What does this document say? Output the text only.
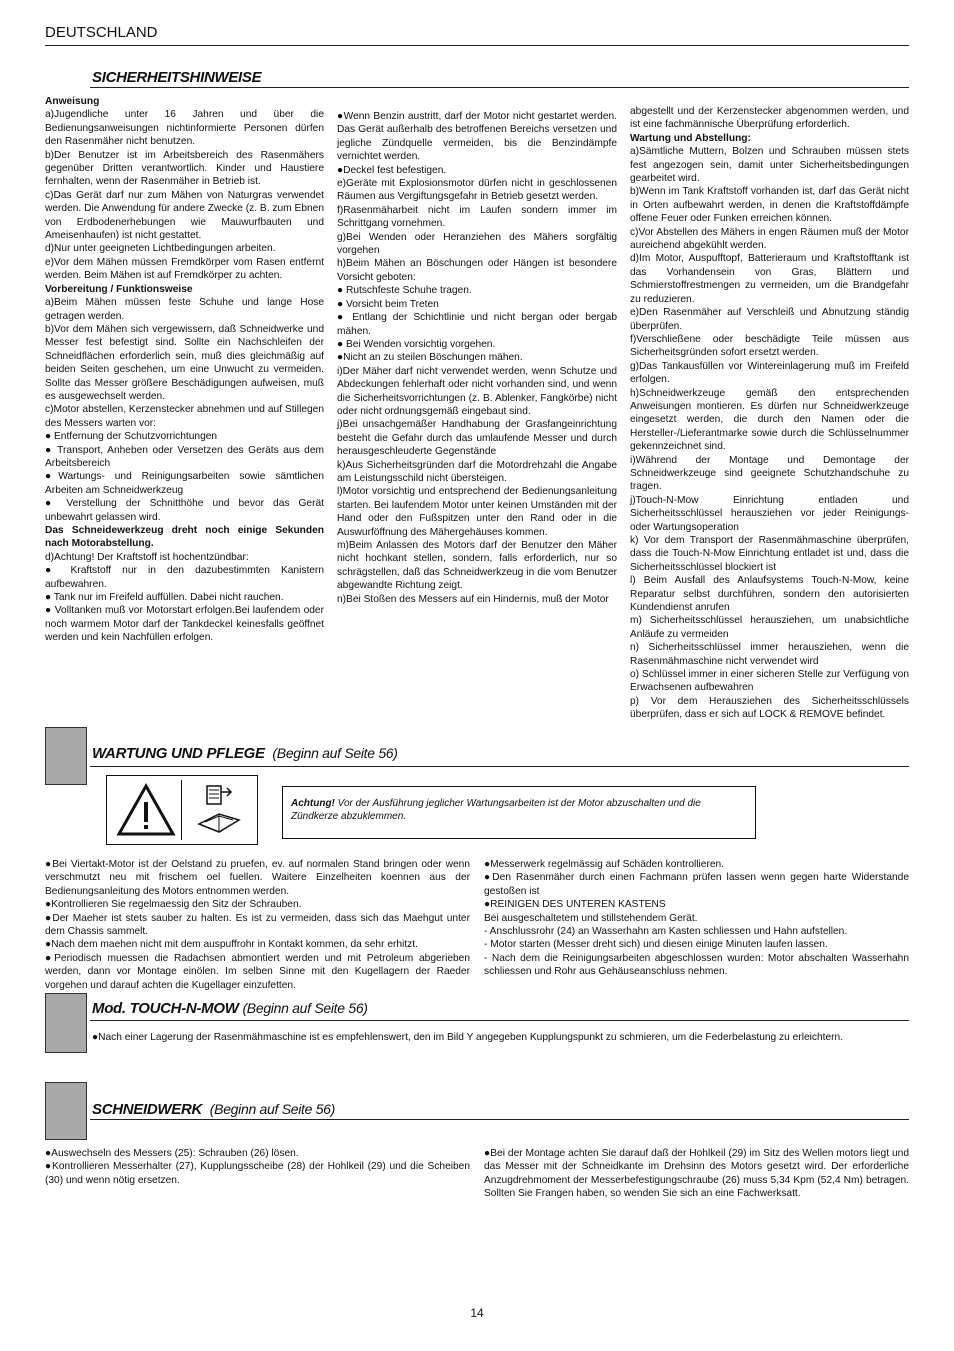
DEUTSCHLAND
SICHERHEITSHINWEISE

Anweisung

a)Jugendliche unter 16 Jahren und über die Bedienungsanweisungen nichtinformierte Personen dürfen den Rasenmäher nicht benutzen.

b)Der Benutzer ist im Arbeitsbereich des Rasenmähers gegenüber Dritten verantwortlich. Kinder und Haustiere fernhalten, wenn der Rasenmäher in Betrieb ist.

c)Das Gerät darf nur zum Mähen von Naturgras verwendet werden. Die Anwendung für andere Zwecke (z. B. zum Ebnen von Erdbodenerhebungen wie Mauwurfbauten und Ameisenhaufen) ist nicht gestattet.

d)Nur unter geeigneten Lichtbedingungen arbeiten.

e)Vor dem Mähen müssen Fremdkörper vom Rasen entfernt werden. Beim Mähen ist auf Fremdkörper zu achten.

Vorbereitung / Funktionsweise

a)Beim Mähen müssen feste Schuhe und lange Hose getragen werden.

b)Vor dem Mähen sich vergewissern, daß Schneidwerke und Messer fest befestigt sind. Sollte ein Nachschleifen der Schneidflächen erforderlich sein, muß dies gleichmäßig auf beiden Seiten geschehen, um eine Unwucht zu vermeiden. Sollte das Messer größere Beschädigungen aufweisen, muß es ausgewechselt werden.

c)Motor abstellen, Kerzenstecker abnehmen und auf Stillegen des Messers warten vor:

● Entfernung der Schutzvorrichtungen

● Transport, Anheben oder Versetzen des Geräts aus dem Arbeitsbereich

●Wartungs- und Reinigungsarbeiten sowie sämtlichen Arbeiten am Schneidwerkzeug

● Verstellung der Schnitthöhe und bevor das Gerät unbewahrt gelassen wird.

Das Schneidewerkzeug dreht noch einige Sekunden nach Motorabstellung.

d)Achtung! Der Kraftstoff ist hochentzündbar:

● Kraftstoff nur in den dazubestimmten Kanistern aufbewahren.

● Tank nur im Freifeld auffüllen. Dabei nicht rauchen.

● Volltanken muß vor Motorstart erfolgen.Bei laufendem oder noch warmem Motor darf der Tankdeckel keinesfalls geöffnet werden und kein Nachfüllen erfolgen.

●Wenn Benzin austritt, darf der Motor nicht gestartet werden. Das Gerät außerhalb des betroffenen Bereichs versetzen und jegliche Zündquelle vermeiden, bis die Benzindämpfe vernichtet werden.

●Deckel fest befestigen.

e)Geräte mit Explosionsmotor dürfen nicht in geschlossenen Räumen aus Vergiftungsgefahr in Betrieb gesetzt werden.

f)Rasenmäharbeit nicht im Laufen sondern immer im Schrittgang vornehmen.

g)Bei Wenden oder Heranziehen des Mähers sorgfältig vorgehen

h)Beim Mähen an Böschungen oder Hängen ist besondere Vorsicht geboten:

● Rutschfeste Schuhe tragen.

● Vorsicht beim Treten

● Entlang der Schichtlinie und nicht bergan oder bergab mähen.

● Bei Wenden vorsichtig vorgehen.

●Nicht an zu steilen Böschungen mähen.

i)Der Mäher darf nicht verwendet werden, wenn Schutze und Abdeckungen fehlerhaft oder nicht vorhanden sind, und wenn die Sicherheitsvorrichtungen (z. B. Ablenker, Fangkörbe) nicht oder nicht ordnungsgemäß eingebaut sind.

j)Bei unsachgemäßer Handhabung der Grasfangeinrichtung besteht die Gefahr durch das umlaufende Messer und durch herausgeschleuderte Gegenstände

k)Aus Sicherheitsgründen darf die Motordrehzahl die Angabe am Leistungsschild nicht übersteigen.

l)Motor vorsichtig und entsprechend der Bedienungsanleitung starten. Bei laufendem Motor unter keinen Umständen mit der Hand oder den Fußspitzen unter den Rand oder in die Auswurföffnung des Mähergehäuses kommen.

m)Beim Anlassen des Motors darf der Benutzer den Mäher nicht hochkant stellen, sondern, falls erforderlich, nur so schrägstellen, daß das Schneidwerkzeug in die vom Benutzer abgewandte Richtung zeigt.

n)Bei Stoßen des Messers auf ein Hindernis, muß der Motor

abgestellt und der Kerzenstecker abgenommen werden, und ist eine fachmännische Überprüfung erforderlich.

Wartung und Abstellung:

a)Sämtliche Muttern, Bolzen und Schrauben müssen stets fest angezogen sein, damit unter Sicherheitsbedingungen gearbeitet wird.

b)Wenn im Tank Kraftstoff vorhanden ist, darf das Gerät nicht in Orten aufbewahrt werden, in denen die Kraftstoffdämpfe offene Feuer oder Funken erreichen können.

c)Vor Abstellen des Mähers in engen Räumen muß der Motor aureichend abgekühlt werden.

d)Im Motor, Auspufftopf, Batterieraum und Kraftstofftank ist das Vorhandensein von Gras, Blättern und Schmierstoffrestmengen zu vermeiden, um die Brandgefahr zu reduzieren.

e)Den Rasenmäher auf Verschleiß und Abnutzung ständig überprüfen.

f)Verschließene oder beschädigte Teile müssen aus Sicherheitsgründen sofort ersetzt werden.

g)Das Tankausfüllen vor Wintereinlagerung muß im Freifeld erfolgen.

h)Schneidwerkzeuge gemäß den entsprechenden Anweisungen montieren. Es dürfen nur Schneidwerkzeuge eingesetzt werden, die durch den Namen oder die Hersteller-/Lieferantmarke sowie durch die Schlüsselnummer gekennzeichnet sind.

i)Während der Montage und Demontage der Schneidwerkzeuge sind geeignete Schutzhandschuhe zu tragen.

j)Touch-N-Mow Einrichtung entladen und Sicherheitsschlüssel herausziehen vor jeder Reinigungs- oder Wartungsoperation

k) Vor dem Transport der Rasenmähmaschine überprüfen, dass die Touch-N-Mow Einrichtung entladet ist und, dass die Sicherheitsschlüssel blockiert ist

l) Beim Ausfall des Anlaufsystems Touch-N-Mow, keine Reparatur selbst durchführen, sondern den autorisierten Kundendienst anrufen

m) Sicherheitsschlüssel herausziehen, um unabsichtliche Anläufe zu vermeiden

n) Sicherheitsschlüssel immer herausziehen, wenn die Rasenmähmaschine nicht verwendet wird

o) Schlüssel immer in einer sicheren Stelle zur Verfügung von Erwachsenen aufbewahren

p) Vor dem Herausziehen des Sicherheitsschlüssels überprüfen, dass er sich auf LOCK & REMOVE befindet.

WARTUNG UND PFLEGE (Beginn auf Seite 56)
Achtung! Vor der Ausführung jeglicher Wartungsarbeiten ist der Motor abzuschalten und die Zündkerze abzuklemmen.

●Bei Viertakt-Motor ist der Oelstand zu pruefen, ev. auf normalen Stand bringen oder wenn verschmutzt neu mit frischem oel fuellen. Waitere Einzelheiten koennen aus der Bedienungsanleitung des Motors entnommen werden.

●Kontrollieren Sie regelmaessig den Sitz der Schrauben.

●Der Maeher ist stets sauber zu halten. Es ist zu vermeiden, dass sich das Maehgut unter dem Chassis sammelt.

●Nach dem maehen nicht mit dem auspuffrohr in Kontakt kommen, da sehr erhitzt.

●Periodisch muessen die Radachsen abmontiert werden und mit Petroleum abgerieben werden, dann vor Montage einölen. Im selben Sinne mit den Kugellagern der Raeder vorgehen und darauf achten die Kugellager einzufetten.

●Messerwerk regelmässig auf Schäden kontrollieren.

●Den Rasenmäher durch einen Fachmann prüfen lassen wenn gegen harte Widerstande gestoßen ist

●REINIGEN DES UNTEREN KASTENS

Bei ausgeschaltetem und stillstehendem Gerät.

- Anschlussrohr (24) an Wasserhahn am Kasten schliessen und Hahn aufstellen.

- Motor starten (Messer dreht sich) und diesen einige Minuten laufen lassen.

- Nach dem die Reinigungsarbeiten abgeschlossen wurden: Motor abschalten Wasserhahn schliessen und Rohr aus Gehäuseanschluss nehmen.

Mod. TOUCH-N-MOW (Beginn auf Seite 56)

●Nach einer Lagerung der Rasenmähmaschine ist es empfehlenswert, den im Bild Y angegeben Kupplungspunkt zu schmieren, um die Federbelastung zu erleichtern.

SCHNEIDWERK (Beginn auf Seite 56)

●Auswechseln des Messers (25): Schrauben (26) lösen.

●Kontrollieren Messerhalter (27), Kupplungsscheibe (28) der Hohlkeil (29) und die Scheiben (30) und wenn nötig ersetzen.

●Bei der Montage achten Sie darauf daß der Hohlkeil (29) im Sitz des Wellen motors liegt und das Messer mit der Schneidkante im Drehsinn des Motors gesetzt wird. Der erforderliche Anzugdrehmoment der Messerbefestigungschraube (26) muss 5,34 Kpm (52,4 Nm) betragen. Sollten Sie Frangen haben, so wenden Sie sich an eine Fachwerksatt.

14
